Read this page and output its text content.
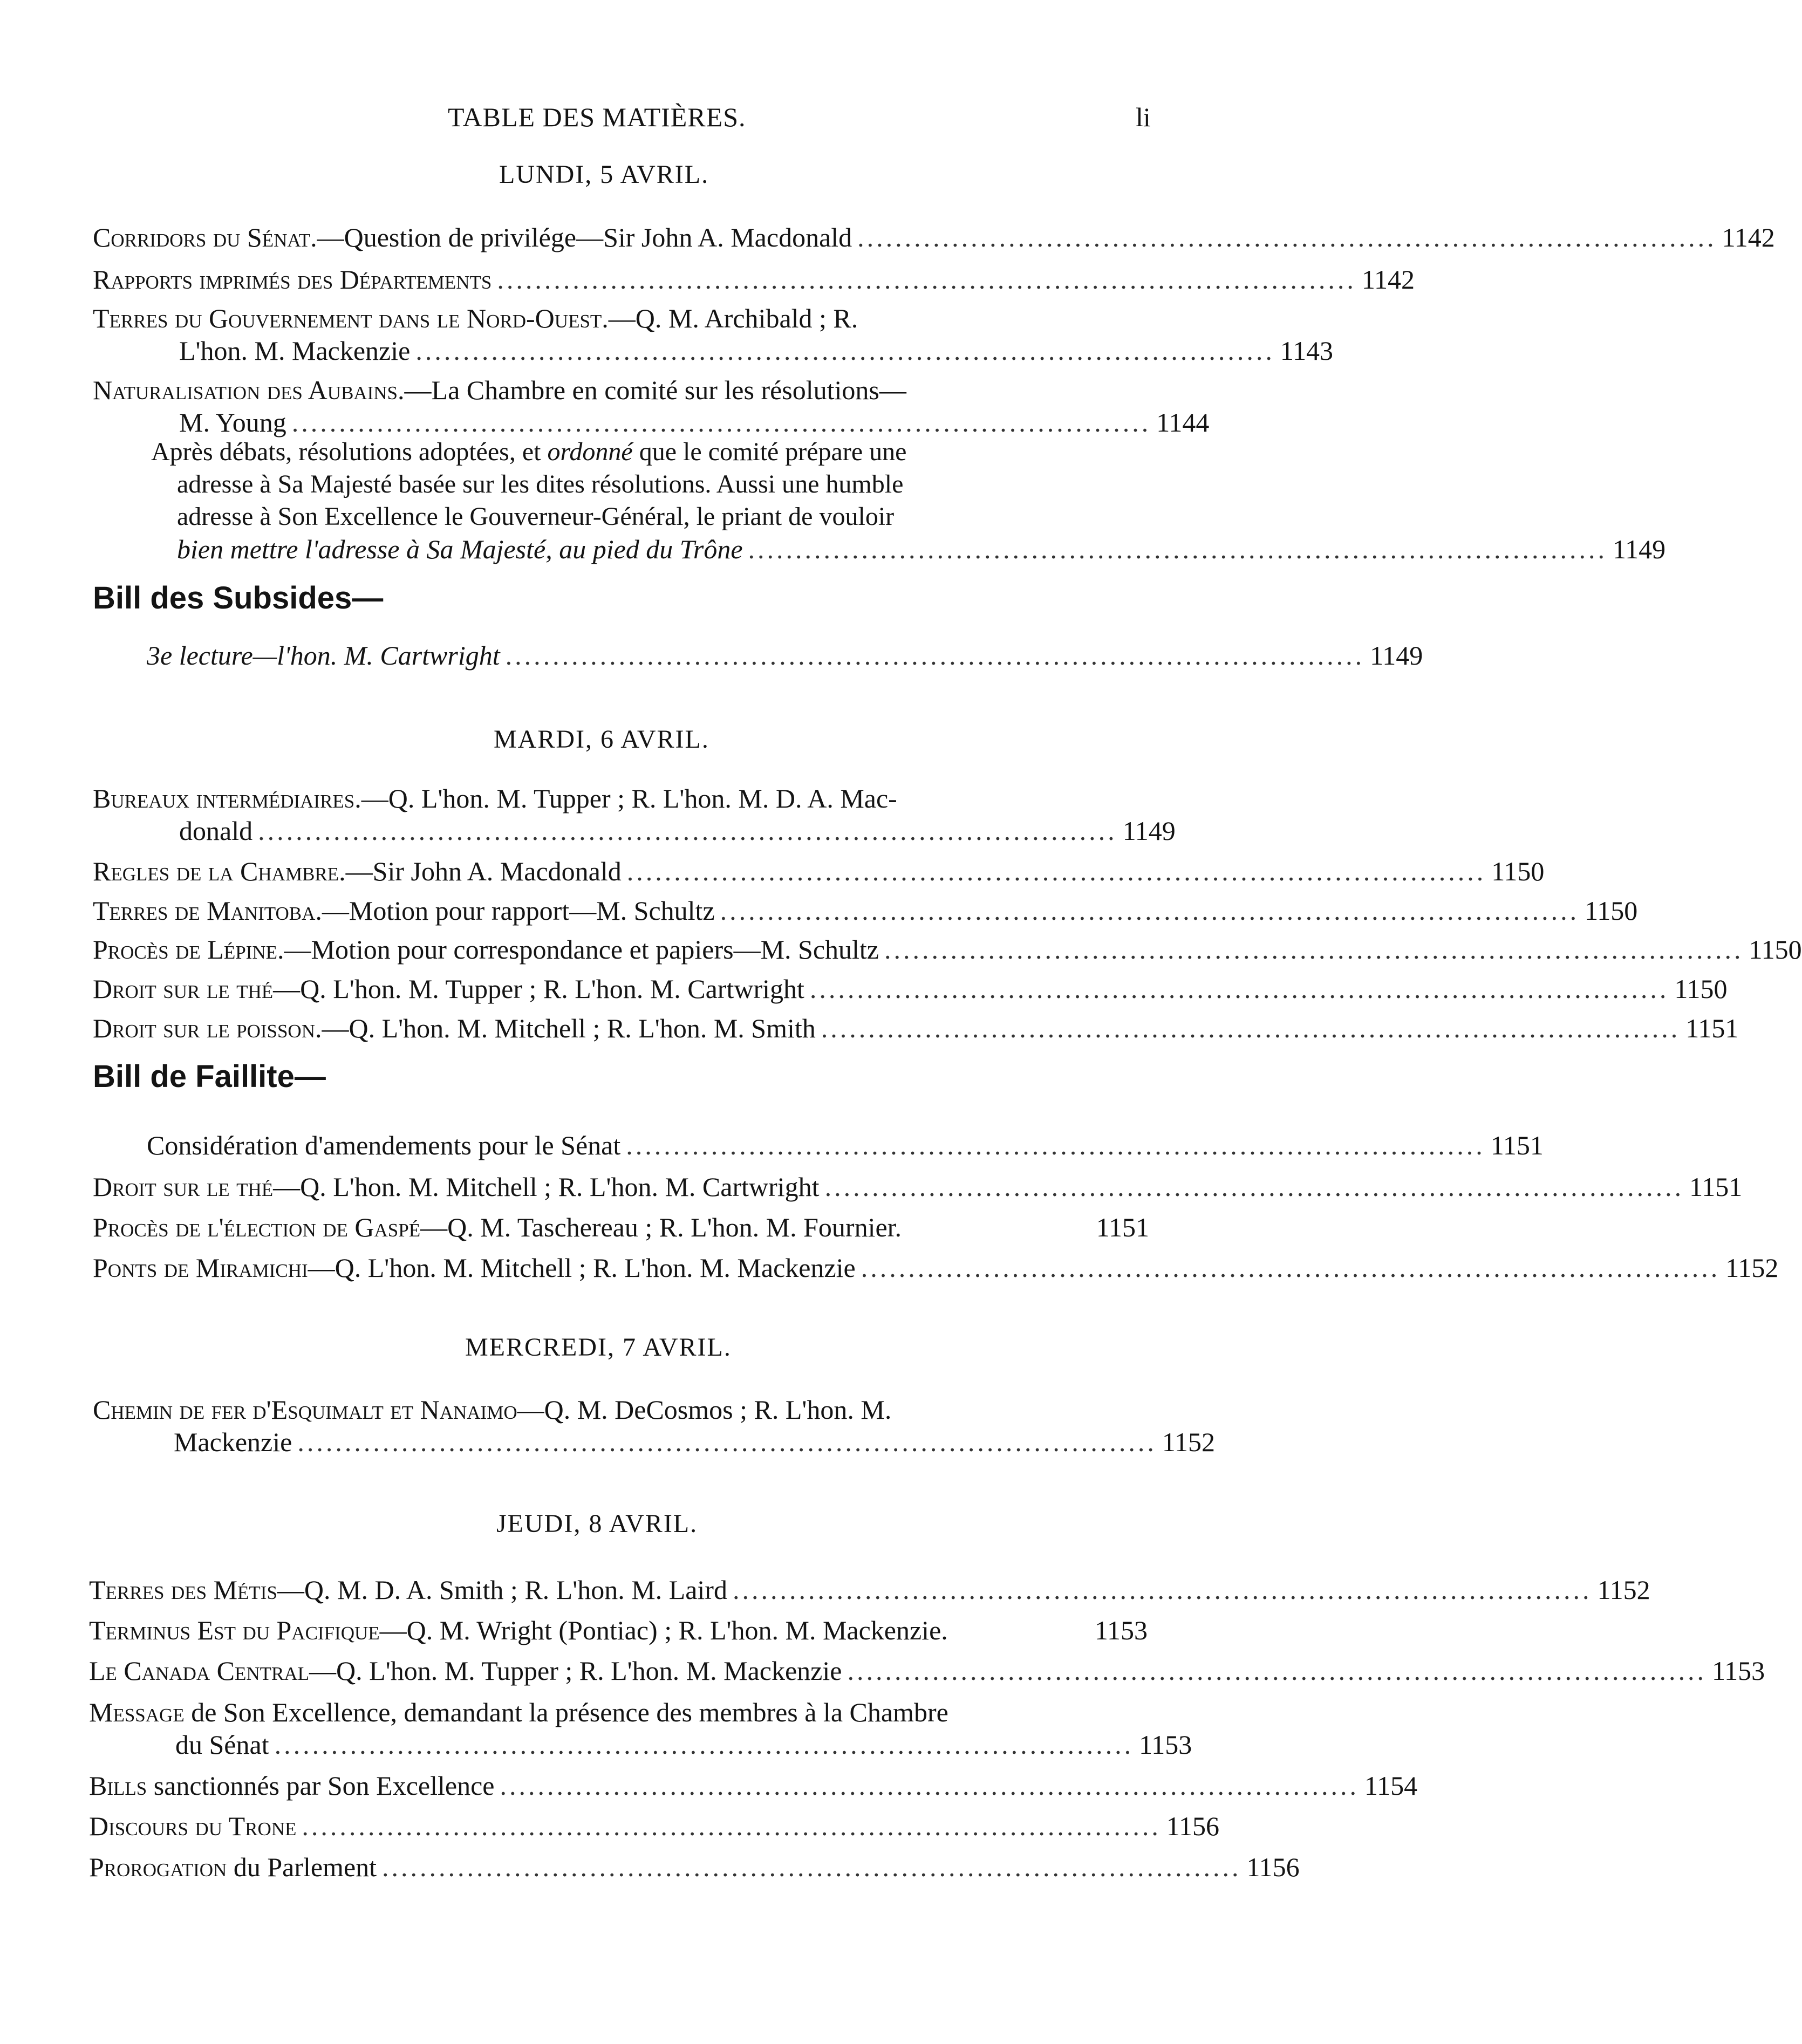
TABLE DES MATIÈRES.	li
LUNDI, 5 AVRIL.
Corridors du Sénat.—Question de privilége—Sir John A. Macdonald ........................................................................................... 1142
Rapports imprimés des Départements ........................................................................................... 1142
Terres du Gouvernement dans le Nord-Ouest.—Q. M. Archibald ; R.
L'hon. M. Mackenzie ........................................................................................... 1143
Naturalisation des Aubains.—La Chambre en comité sur les résolutions—
M. Young ........................................................................................... 1144
Après débats, résolutions adoptées, et ordonné que le comité prépare une
adresse à Sa Majesté basée sur les dites résolutions. Aussi une humble
adresse à Son Excellence le Gouverneur-Général, le priant de vouloir
bien mettre l'adresse à Sa Majesté, au pied du Trône ........................................................................................... 1149
Bill des Subsides—
3e lecture—l'hon. M. Cartwright ........................................................................................... 1149
MARDI, 6 AVRIL.
Bureaux intermédiaires.—Q. L'hon. M. Tupper ; R. L'hon. M. D. A. Mac-
donald ........................................................................................... 1149
Regles de la Chambre.—Sir John A. Macdonald ........................................................................................... 1150
Terres de Manitoba.—Motion pour rapport—M. Schultz ........................................................................................... 1150
Procès de Lépine.—Motion pour correspondance et papiers—M. Schultz ........................................................................................... 1150
Droit sur le thé—Q. L'hon. M. Tupper ; R. L'hon. M. Cartwright ........................................................................................... 1150
Droit sur le poisson.—Q. L'hon. M. Mitchell ; R. L'hon. M. Smith ........................................................................................... 1151
Bill de Faillite—
Considération d'amendements pour le Sénat ........................................................................................... 1151
Droit sur le thé—Q. L'hon. M. Mitchell ; R. L'hon. M. Cartwright ........................................................................................... 1151
Procès de l'élection de Gaspé—Q. M. Taschereau ; R. L'hon. M. Fournier.	1151
Ponts de Miramichi—Q. L'hon. M. Mitchell ; R. L'hon. M. Mackenzie ........................................................................................... 1152
MERCREDI, 7 AVRIL.
Chemin de fer d'Esquimalt et Nanaimo—Q. M. DeCosmos ; R. L'hon. M.
Mackenzie ........................................................................................... 1152
JEUDI, 8 AVRIL.
Terres des Métis—Q. M. D. A. Smith ; R. L'hon. M. Laird ........................................................................................... 1152
Terminus Est du Pacifique—Q. M. Wright (Pontiac) ; R. L'hon. M. Mackenzie.	1153
Le Canada Central—Q. L'hon. M. Tupper ; R. L'hon. M. Mackenzie ........................................................................................... 1153
Message de Son Excellence, demandant la présence des membres à la Chambre
du Sénat ........................................................................................... 1153
Bills sanctionnés par Son Excellence ........................................................................................... 1154
Discours du Trone ........................................................................................... 1156
Prorogation du Parlement ........................................................................................... 1156
